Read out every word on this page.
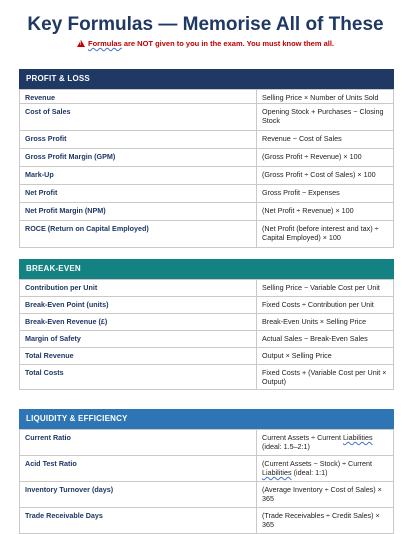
Key Formulas — Memorise All of These
! Formulas are NOT given to you in the exam. You must know them all.
PROFIT & LOSS
Revenue	Selling Price × Number of Units Sold
Cost of Sales	Opening Stock + Purchases − Closing Stock
Gross Profit	Revenue − Cost of Sales
Gross Profit Margin (GPM)	(Gross Profit ÷ Revenue) × 100
Mark-Up	(Gross Profit ÷ Cost of Sales) × 100
Net Profit	Gross Profit − Expenses
Net Profit Margin (NPM)	(Net Profit ÷ Revenue) × 100
ROCE (Return on Capital Employed)	(Net Profit (before interest and tax) ÷ Capital Employed) × 100
BREAK-EVEN
Contribution per Unit	Selling Price − Variable Cost per Unit
Break-Even Point (units)	Fixed Costs ÷ Contribution per Unit
Break-Even Revenue (£)	Break-Even Units × Selling Price
Margin of Safety	Actual Sales − Break-Even Sales
Total Revenue	Output × Selling Price
Total Costs	Fixed Costs + (Variable Cost per Unit × Output)
LIQUIDITY & EFFICIENCY
Current Ratio	Current Assets ÷ Current Liabilities (ideal: 1.5–2:1)
Acid Test Ratio	(Current Assets − Stock) ÷ Current Liabilities (ideal: 1:1)
Inventory Turnover (days)	(Average Inventory ÷ Cost of Sales) × 365
Trade Receivable Days	(Trade Receivables ÷ Credit Sales) × 365
